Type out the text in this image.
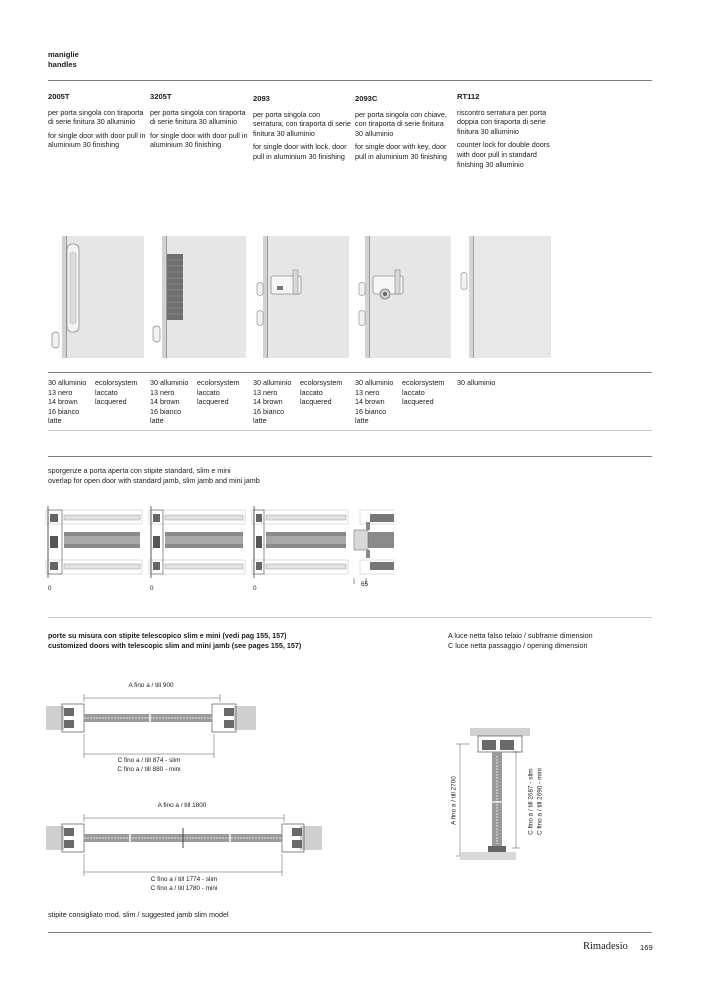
maniglie
handles
2005T
per porta singola con tiraporta di serie finitura 30 alluminio
for single door with door pull in aluminium 30 finishing
3205T
per porta singola con tiraporta di serie finitura 30 alluminio
for single door with door pull in aluminium 30 finishing
2093
per porta singola con serratura, con tiraporta di serie finitura 30 alluminio
for single door with lock, door pull in aluminium 30 finishing
2093C
per porta singola con chiave, con tiraporta di serie finitura 30 alluminio
for single door with key, door pull in aluminium 30 finishing
RT112
riscontro serratura per porta doppia con tiraporta di serie finitura 30 alluminio
counter lock for double doors with door pull in standard finishing 30 alluminio
30 alluminio
13 nero
14 brown
16 bianco
latte
ecolorsystem
laccato
lacquered
30 alluminio
13 nero
14 brown
16 bianco
latte
ecolorsystem
laccato
lacquered
30 alluminio
13 nero
14 brown
16 bianco
latte
ecolorsystem
laccato
lacquered
30 alluminio
13 nero
14 brown
16 bianco
latte
ecolorsystem
laccato
lacquered
30 alluminio
sporgenze a porta aperta con stipite standard, slim e mini
overlap for open door with standard jamb, slim jamb and mini jamb
0	0	0
65
porte su misura con stipite telescopico slim e mini (vedi pag 155, 157)
customized doors with telescopic slim and mini jamb (see pages 155, 157)
A luce netta falso telaio / subframe dimension
C luce netta passaggio / opening dimension
A fino a / till 900
C fino a / till 874 - slim
C fino a / till 880 - mini
A fino a / till 1800
C fino a / till 1774 - slim
C fino a / till 1780 - mini
A fino a / till 2700	C fino a / till 2687 - slim C fino a / till 2690 - mini
stipite consigliato mod. slim / suggested jamb slim model
Rimadesio 169
